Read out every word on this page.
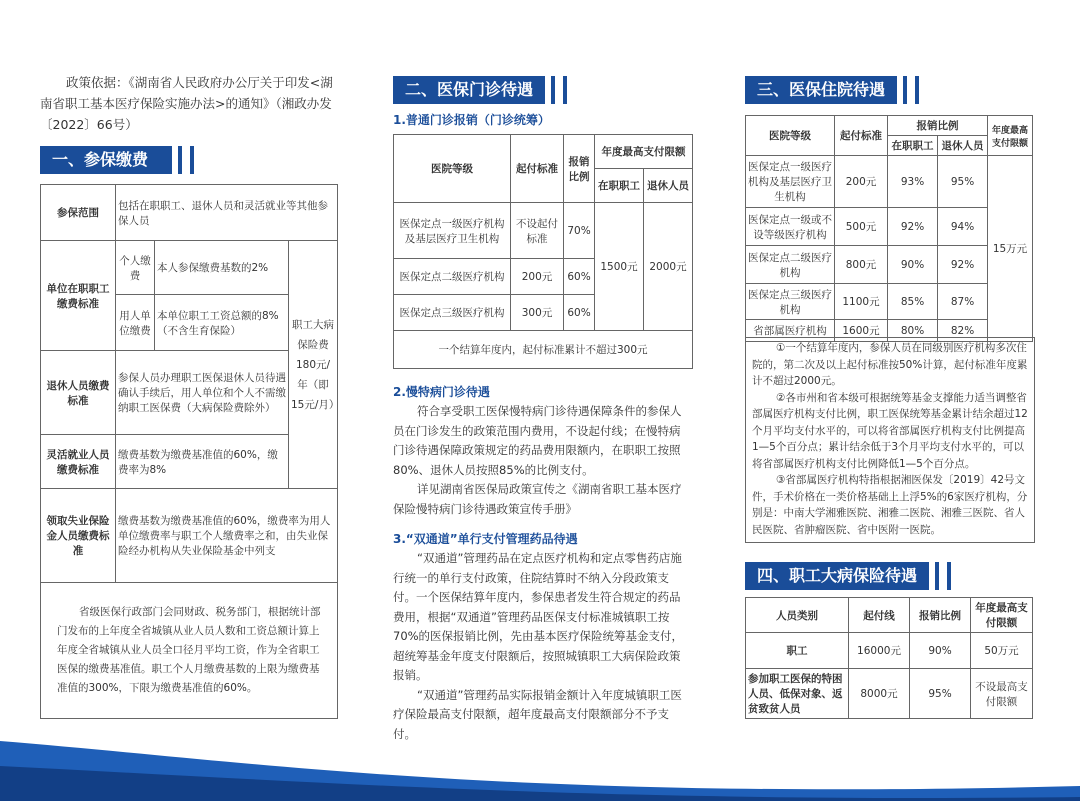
政策依据：《湖南省人民政府办公厅关于印发<湖南省职工基本医疗保险实施办法>的通知》（湘政办发〔2022〕66号）
一、参保缴费
参保范围	包括在职职工、退休人员和灵活就业等其他参保人员		
单位在职职工缴费标准	个人缴费	本人参保缴费基数的2%	职工大病保险费180元/年（即15元/月）
	用人单位缴费	本单位职工工资总额的8%（不含生育保险）	
退休人员缴费标准	参保人员办理职工医保退休人员待遇确认手续后，用人单位和个人不需缴纳职工医保费（大病保险费除外）		
灵活就业人员缴费标准	缴费基数为缴费基准值的60%，缴费率为8%		
领取失业保险金人员缴费标准	缴费基数为缴费基准值的60%，缴费率为用人单位缴费率与职工个人缴费率之和，由失业保险经办机构从失业保险基金中列支		
省级医保行政部门会同财政、税务部门，根据统计部门发布的上年度全省城镇从业人员人数和工资总额计算上年度全省城镇从业人员全口径月平均工资，作为全省职工医保的缴费基准值。职工个人月缴费基数的上限为缴费基准值的300%，下限为缴费基准值的60%。			
二、医保门诊待遇
1.普通门诊报销（门诊统筹）
医院等级	起付标准	报销比例	年度最高支付限额	
			在职职工	退休人员
医保定点一级医疗机构及基层医疗卫生机构	不设起付标准	70%	1500元	2000元
医保定点二级医疗机构	200元	60%		
医保定点三级医疗机构	300元	60%		
一个结算年度内，起付标准累计不超过300元				
2.慢特病门诊待遇

符合享受职工医保慢特病门诊待遇保障条件的参保人员在门诊发生的政策范围内费用，不设起付线；在慢特病门诊待遇保障政策规定的药品费用限额内，在职职工按照80%、退休人员按照85%的比例支付。

详见湖南省医保局政策宣传之《湖南省职工基本医疗保险慢特病门诊待遇政策宣传手册》

3.“双通道”单行支付管理药品待遇

“双通道”管理药品在定点医疗机构和定点零售药店施行统一的单行支付政策，住院结算时不纳入分段政策支付。一个医保结算年度内，参保患者发生符合规定的药品费用，根据“双通道”管理药品医保支付标准城镇职工按70%的医保报销比例，先由基本医疗保险统筹基金支付，超统筹基金年度支付限额后，按照城镇职工大病保险政策报销。

“双通道”管理药品实际报销金额计入年度城镇职工医疗保险最高支付限额，超年度最高支付限额部分不予支付。

三、医保住院待遇
医院等级	起付标准	报销比例		年度最高支付限额
		在职职工	退休人员	
医保定点一级医疗机构及基层医疗卫生机构	200元	93%	95%	15万元
医保定点一级或不设等级医疗机构	500元	92%	94%	
医保定点二级医疗机构	800元	90%	92%	
医保定点三级医疗机构	1100元	85%	87%	
省部属医疗机构	1600元	80%	82%	

①一个结算年度内，参保人员在同级别医疗机构多次住院的，第二次及以上起付标准按50%计算，起付标准年度累计不超过2000元。

②各市州和省本级可根据统筹基金支撑能力适当调整省部属医疗机构支付比例，职工医保统筹基金累计结余超过12个月平均支付水平的，可以将省部属医疗机构支付比例提高1—5个百分点；累计结余低于3个月平均支付水平的，可以将省部属医疗机构支付比例降低1—5个百分点。

③省部属医疗机构特指根据湘医保发〔2019〕42号文件，手术价格在一类价格基础上上浮5%的6家医疗机构，分别是：中南大学湘雅医院、湘雅二医院、湘雅三医院、省人民医院、省肿瘤医院、省中医附一医院。

四、职工大病保险待遇
人员类别	起付线	报销比例	年度最高支付限额
职工	16000元	90%	50万元
参加职工医保的特困人员、低保对象、返贫致贫人员	8000元	95%	不设最高支付限额
